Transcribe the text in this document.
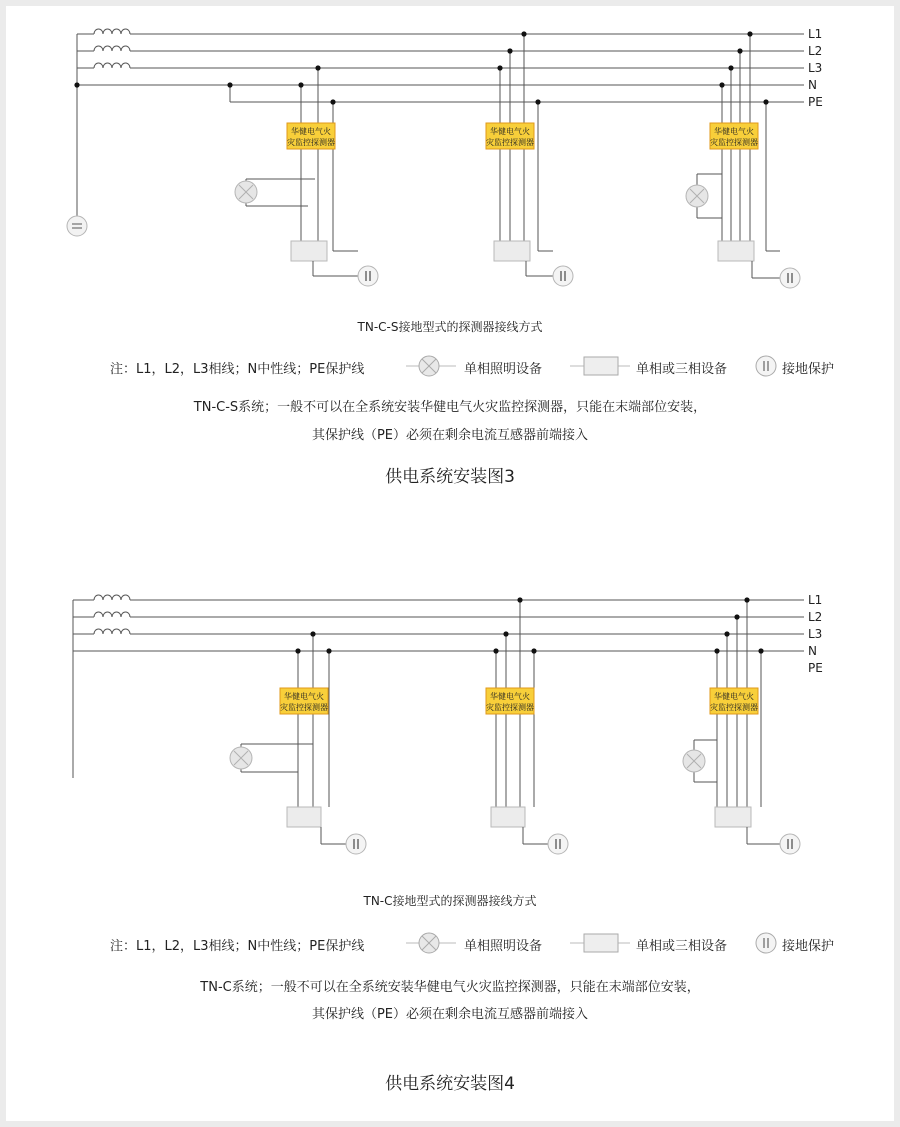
L1
L2
L3
N
PE
华健电气火
灾监控探测器
华健电气火
灾监控探测器
华健电气火
灾监控探测器
L1
L2
L3
N
PE
华健电气火
灾监控探测器
华健电气火
灾监控探测器
华健电气火
灾监控探测器
TN-C-S接地型式的探测器接线方式
注：L1，L2，L3相线；N中性线；PE保护线	单相照明设备	单相或三相设备	接地保护
TN-C-S系统；一般不可以在全系统安装华健电气火灾监控探测器，只能在末端部位安装，
其保护线（PE）必须在剩余电流互感器前端接入
供电系统安装图3
TN-C接地型式的探测器接线方式
注：L1，L2，L3相线；N中性线；PE保护线	单相照明设备	单相或三相设备	接地保护
TN-C系统；一般不可以在全系统安装华健电气火灾监控探测器，只能在末端部位安装，
其保护线（PE）必须在剩余电流互感器前端接入
供电系统安装图4
